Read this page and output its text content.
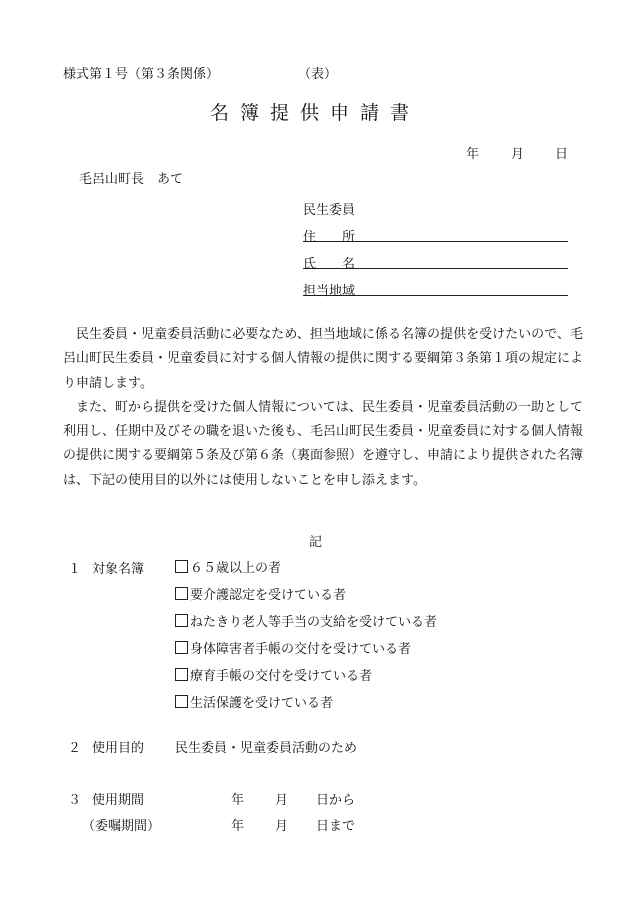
様式第１号（第３条関係）	（表）
名簿提供申請書
年 月 日
毛呂山町長　あて
民生委員
住　　所
氏　　名
担当地域

民生委員・児童委員活動に必要なため、担当地域に係る名簿の提供を受けたいので、毛呂山町民生委員・児童委員に対する個人情報の提供に関する要綱第３条第１項の規定により申請します。

また、町から提供を受けた個人情報については、民生委員・児童委員活動の一助として利用し、任期中及びその職を退いた後も、毛呂山町民生委員・児童委員に対する個人情報の提供に関する要綱第５条及び第６条（裏面参照）を遵守し、申請により提供された名簿は、下記の使用目的以外には使用しないことを申し添えます。

記
１ 対象名簿	６５歳以上の者
要介護認定を受けている者
ねたきり老人等手当の支給を受けている者
身体障害者手帳の交付を受けている者
療育手帳の交付を受けている者
生活保護を受けている者
２ 使用目的 民生委員・児童委員活動のため
３ 使用期間	年 月 日から
（委嘱期間）	年 月 日まで
